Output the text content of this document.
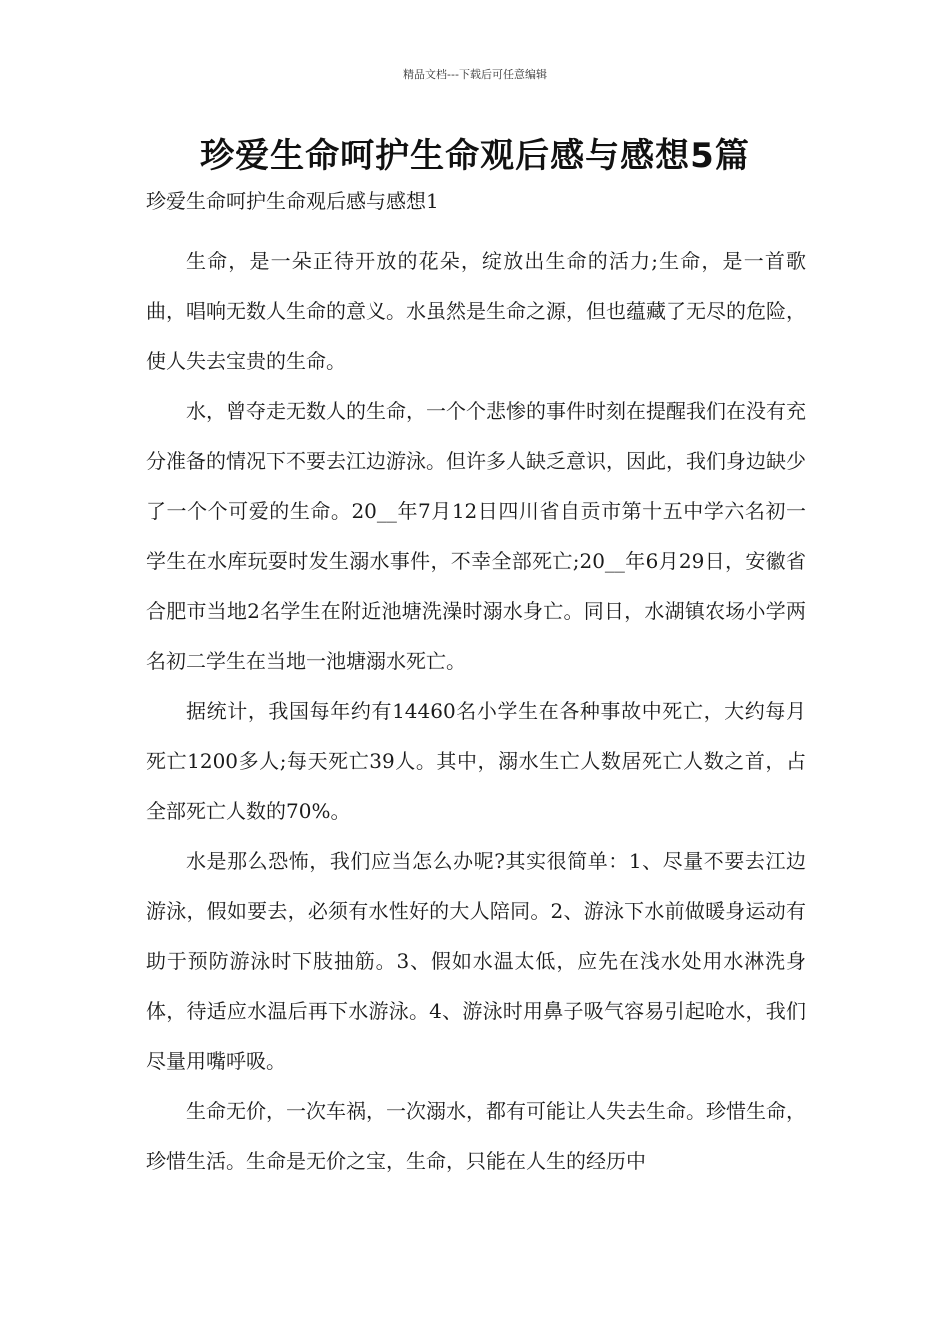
精品文档---下载后可任意编辑
珍爱生命呵护生命观后感与感想5篇
珍爱生命呵护生命观后感与感想1

生命，是一朵正待开放的花朵，绽放出生命的活力;生命，是一首歌曲，唱响无数人生命的意义。水虽然是生命之源，但也蕴藏了无尽的危险，使人失去宝贵的生命。

水，曾夺走无数人的生命，一个个悲惨的事件时刻在提醒我们在没有充分准备的情况下不要去江边游泳。但许多人缺乏意识，因此，我们身边缺少了一个个可爱的生命。20__年7月12日四川省自贡市第十五中学六名初一学生在水库玩耍时发生溺水事件，不幸全部死亡;20__年6月29日，安徽省合肥市当地2名学生在附近池塘洗澡时溺水身亡。同日，水湖镇农场小学两名初二学生在当地一池塘溺水死亡。

据统计，我国每年约有14460名小学生在各种事故中死亡，大约每月死亡1200多人;每天死亡39人。其中，溺水生亡人数居死亡人数之首，占全部死亡人数的70%。

水是那么恐怖，我们应当怎么办呢?其实很简单：1、尽量不要去江边游泳，假如要去，必须有水性好的大人陪同。2、游泳下水前做暖身运动有助于预防游泳时下肢抽筋。3、假如水温太低，应先在浅水处用水淋洗身体，待适应水温后再下水游泳。4、游泳时用鼻子吸气容易引起呛水，我们尽量用嘴呼吸。

生命无价，一次车祸，一次溺水，都有可能让人失去生命。珍惜生命，珍惜生活。生命是无价之宝，生命，只能在人生的经历中
